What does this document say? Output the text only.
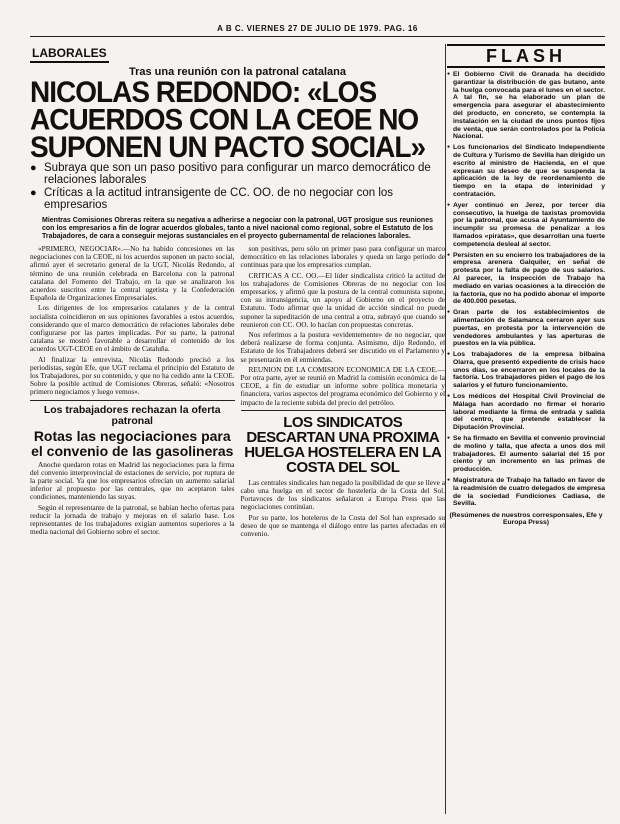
A B C. VIERNES 27 DE JULIO DE 1979. PAG. 16
LABORALES
Tras una reunión con la patronal catalana
NICOLAS REDONDO: «LOS ACUERDOS CON LA CEOE NO SUPONEN UN PACTO SOCIAL»
● Subraya que son un paso positivo para configurar un marco democrático de relaciones laborales
● Críticas a la actitud intransigente de CC. OO. de no negociar con los empresarios
Mientras Comisiones Obreras reitera su negativa a adherirse a negociar con la patronal, UGT prosigue sus reuniones con los empresarios a fin de lograr acuerdos globales, tanto a nivel nacional como regional, sobre el Estatuto de los Trabajadores, de cara a conseguir mejoras sustanciales en el proyecto gubernamental de relaciones laborales.

«PRIMERO, NEGOCIAR».—No ha habido concesiones en las negociaciones con la CEOE, ni los acuerdos suponen un pacto social, afirmó ayer el secretario general de la UGT, Nicolás Redondo, al término de una reunión celebrada en Barcelona con la patronal catalana del Fomento del Trabajo, en la que se analizaron los acuerdos suscritos entre la central ugetista y la Confederación Española de Organizaciones Empresariales.

Los dirigentes de los empresarios catalanes y de la central socialista coincidieron en sus opiniones favorables a estos acuerdos, considerando que el marco democrático de relaciones laborales debe configurarse por las partes implicadas. Por su parte, la patronal catalana se mostró favorable a desarrollar el contenido de los acuerdos UGT-CEOE en el ámbito de Cataluña.

Al finalizar la entrevista, Nicolás Redondo precisó a los periodistas, según Efe, que UGT reclama el principio del Estatuto de los Trabajadores, por su contenido, y que no ha cedido ante la CEOE. Sobre la posible actitud de Comisiones Obreras, señaló: «Nosotros primero negociamos y luego vemos».

Los trabajadores rechazan la oferta patronal
Rotas las negociaciones para el convenio de las gasolineras

Anoche quedaron rotas en Madrid las negociaciones para la firma del convenio interprovincial de estaciones de servicio, por ruptura de la parte social. Ya que los empresarios ofrecían un aumento salarial inferior al propuesto por las centrales, que no aceptaron tales condiciones, manteniendo las suyas.

Según el representante de la patronal, se habían hecho ofertas para reducir la jornada de trabajo y mejoras en el salario base. Los representantes de los trabajadores exigían aumentos superiores a la media nacional del Gobierno sobre el sector.

son positivas, pero sólo un primer paso para configurar un marco democrático en las relaciones laborales y queda un largo periodo de continuas para que los empresarios cumplan.

CRITICAS A CC. OO.—El líder sindicalista criticó la actitud de los trabajadores de Comisiones Obreras de no negociar con los empresarios, y afirmó que la postura de la central comunista supone, con su intransigencia, un apoyo al Gobierno en el proyecto de Estatuto. Todo afirmar que la unidad de acción sindical no puede suponer la supeditación de una central a otra, subrayó que cuando se reunieron con CC. OO. lo hacían con propuestas concretas.

Nos referimos a la postura «evidentemente» de no negociar, que deberá realizarse de forma conjunta. Asimismo, dijo Redondo, el Estatuto de los Trabajadores deberá ser discutido en el Parlamento y se presentarán en él enmiendas.

REUNION DE LA COMISION ECONOMICA DE LA CEOE.—Por otra parte, ayer se reunió en Madrid la comisión económica de la CEOE, a fin de estudiar un informe sobre política monetaria y financiera, varios aspectos del programa económico del Gobierno y el impacto de la reciente subida del precio del petróleo.

LOS SINDICATOS DESCARTAN UNA PROXIMA HUELGA HOSTELERA EN LA COSTA DEL SOL

Las centrales sindicales han negado la posibilidad de que se lleve a cabo una huelga en el sector de hostelería de la Costa del Sol. Portavoces de los sindicatos señalaron a Europa Press que las negociaciones continúan.

Por su parte, los hoteleros de la Costa del Sol han expresado su deseo de que se mantenga el diálogo entre las partes afectadas en el convenio.

FLASH
● El Gobierno Civil de Granada ha decidido garantizar la distribución de gas butano, ante la huelga convocada para el lunes en el sector. A tal fin, se ha elaborado un plan de emergencia para asegurar el abastecimiento del producto, en concreto, se contempla la instalación en la ciudad de unos puntos fijos de venta, que serán controlados por la Policía Nacional.
● Los funcionarios del Sindicato Independiente de Cultura y Turismo de Sevilla han dirigido un escrito al ministro de Hacienda, en el que expresan su deseo de que se suspenda la aplicación de la ley de reordenamiento de tiempo en la etapa de interinidad y contratación.
● Ayer continuó en Jerez, por tercer día consecutivo, la huelga de taxistas promovida por la patronal, que acusa al Ayuntamiento de incumplir su promesa de penalizar a los llamados «piratas», que desarrollan una fuerte competencia desleal al sector.
● Persisten en su encierro los trabajadores de la empresa arenera Galquiler, en señal de protesta por la falta de pago de sus salarios. Al parecer, la Inspección de Trabajo ha mediado en varias ocasiones a la dirección de la factoría, que no ha podido abonar el importe de 400.000 pesetas.
● Gran parte de los establecimientos de alimentación de Salamanca cerraron ayer sus puertas, en protesta por la intervención de vendedores ambulantes y las aperturas de puestos en la vía pública.
● Los trabajadores de la empresa bilbaína Olarra, que presentó expediente de crisis hace unos días, se encerraron en los locales de la factoría. Los trabajadores piden el pago de los salarios y el futuro funcionamiento.
● Los médicos del Hospital Civil Provincial de Málaga han acordado no firmar el horario laboral mediante la firma de entrada y salida del centro, que pretende establecer la Diputación Provincial.
● Se ha firmado en Sevilla el convenio provincial de molino y talla, que afecta a unos dos mil trabajadores. El aumento salarial del 15 por ciento y un incremento en las primas de producción.
● Magistratura de Trabajo ha fallado en favor de la readmisión de cuatro delegados de empresa de la sociedad Fundiciones Cadiasa, de Sevilla.
(Resúmenes de nuestros corresponsales, Efe y Europa Press)
